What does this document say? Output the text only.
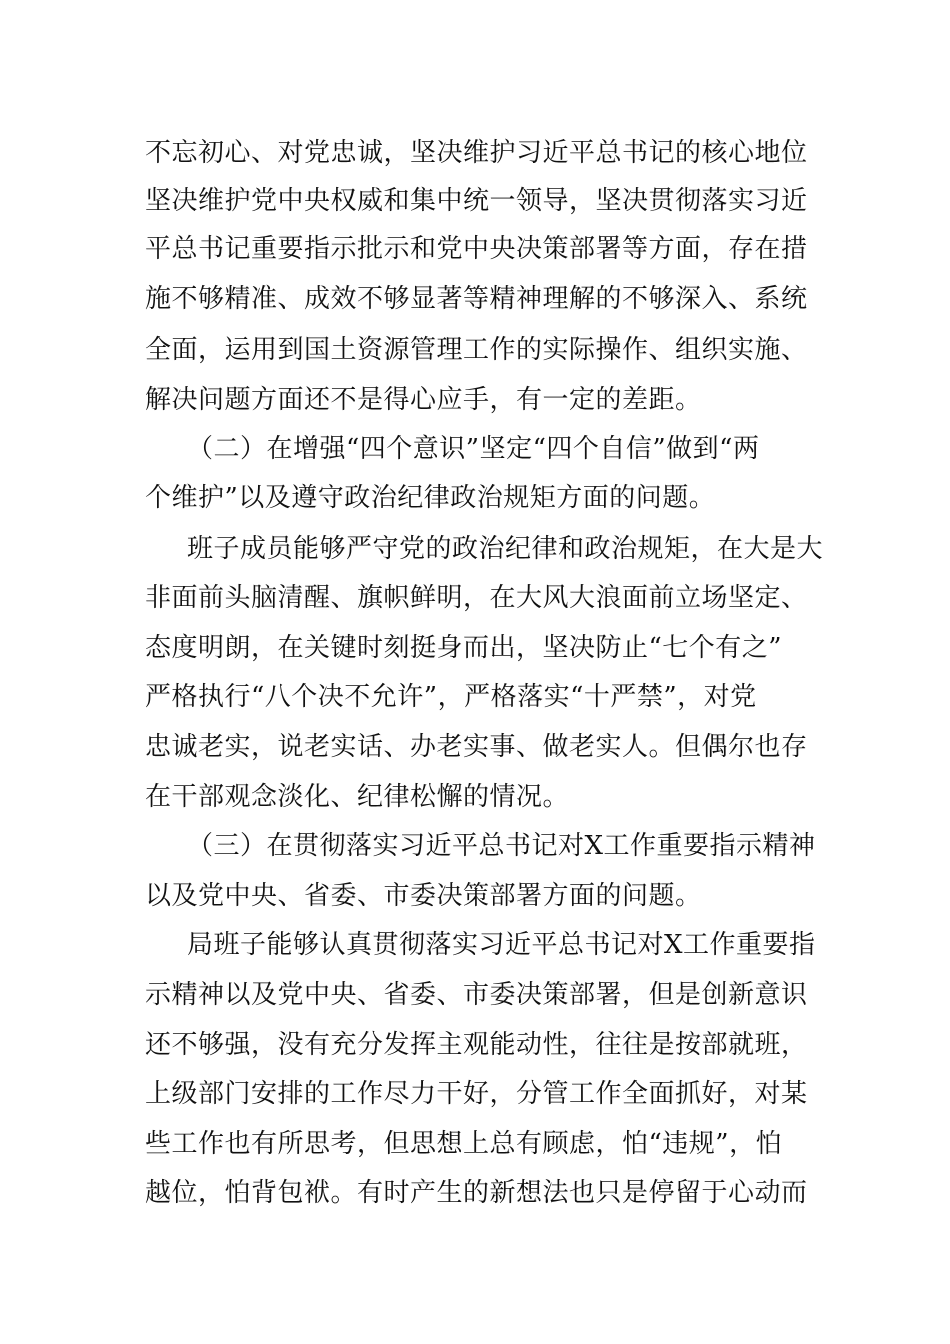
不忘初心、对党忠诚，坚决维护习近平总书记的核心地位
坚决维护党中央权威和集中统一领导，坚决贯彻落实习近
平总书记重要指示批示和党中央决策部署等方面，存在措
施不够精准、成效不够显著等精神理解的不够深入、系统
全面，运用到国土资源管理工作的实际操作、组织实施、
解决问题方面还不是得心应手，有一定的差距。
（二）在增强“四个意识”坚定“四个自信”做到“两
个维护”以及遵守政治纪律政治规矩方面的问题。
班子成员能够严守党的政治纪律和政治规矩，在大是大
非面前头脑清醒、旗帜鲜明，在大风大浪面前立场坚定、
态度明朗，在关键时刻挺身而出，坚决防止“七个有之”
严格执行“八个决不允许”，严格落实“十严禁”，对党
忠诚老实，说老实话、办老实事、做老实人。但偶尔也存
在干部观念淡化、纪律松懈的情况。
（三）在贯彻落实习近平总书记对X工作重要指示精神
以及党中央、省委、市委决策部署方面的问题。
局班子能够认真贯彻落实习近平总书记对X工作重要指
示精神以及党中央、省委、市委决策部署，但是创新意识
还不够强，没有充分发挥主观能动性，往往是按部就班，
上级部门安排的工作尽力干好，分管工作全面抓好，对某
些工作也有所思考，但思想上总有顾虑，怕“违规”，怕
越位，怕背包袱。有时产生的新想法也只是停留于心动而
